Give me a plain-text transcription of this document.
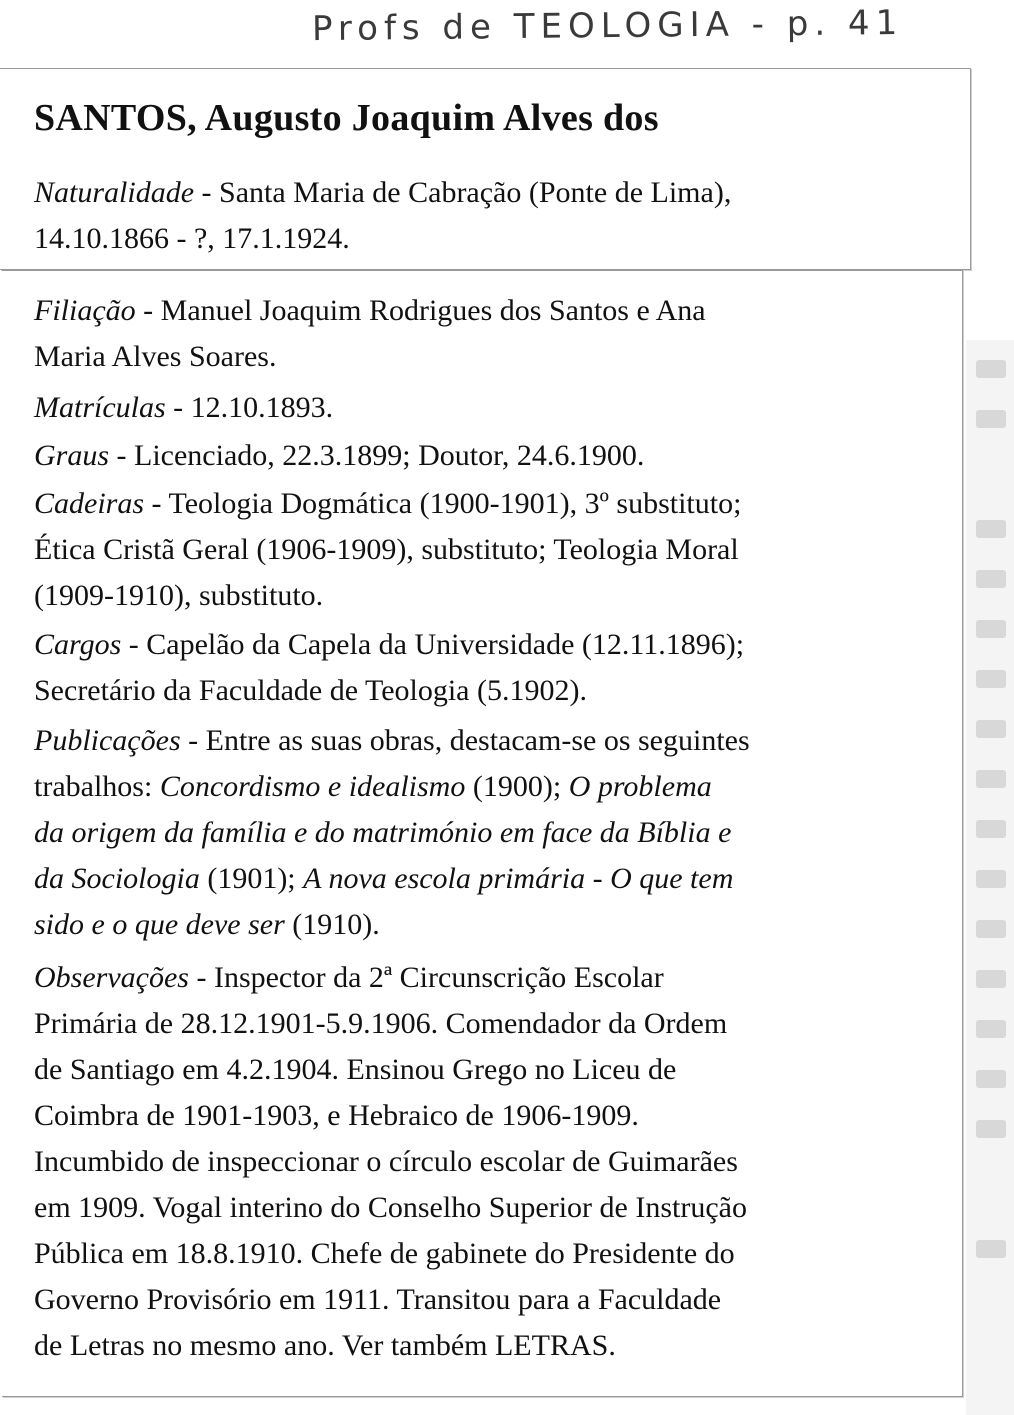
Profs de TEOLOGIA - p. 41
SANTOS, Augusto Joaquim Alves dos

Naturalidade - Santa Maria de Cabração (Ponte de Lima),
14.10.1866 - ?, 17.1.1924.

Filiação - Manuel Joaquim Rodrigues dos Santos e Ana
Maria Alves Soares.

Matrículas - 12.10.1893.

Graus - Licenciado, 22.3.1899; Doutor, 24.6.1900.

Cadeiras - Teologia Dogmática (1900-1901), 3º substituto;
Ética Cristã Geral (1906-1909), substituto; Teologia Moral
(1909-1910), substituto.

Cargos - Capelão da Capela da Universidade (12.11.1896);
Secretário da Faculdade de Teologia (5.1902).

Publicações - Entre as suas obras, destacam-se os seguintes
trabalhos: Concordismo e idealismo (1900); O problema
da origem da família e do matrimónio em face da Bíblia e
da Sociologia (1901); A nova escola primária - O que tem
sido e o que deve ser (1910).

Observações - Inspector da 2ª Circunscrição Escolar
Primária de 28.12.1901-5.9.1906. Comendador da Ordem
de Santiago em 4.2.1904. Ensinou Grego no Liceu de
Coimbra de 1901-1903, e Hebraico de 1906-1909.
Incumbido de inspeccionar o círculo escolar de Guimarães
em 1909. Vogal interino do Conselho Superior de Instrução
Pública em 18.8.1910. Chefe de gabinete do Presidente do
Governo Provisório em 1911. Transitou para a Faculdade
de Letras no mesmo ano. Ver também LETRAS.
